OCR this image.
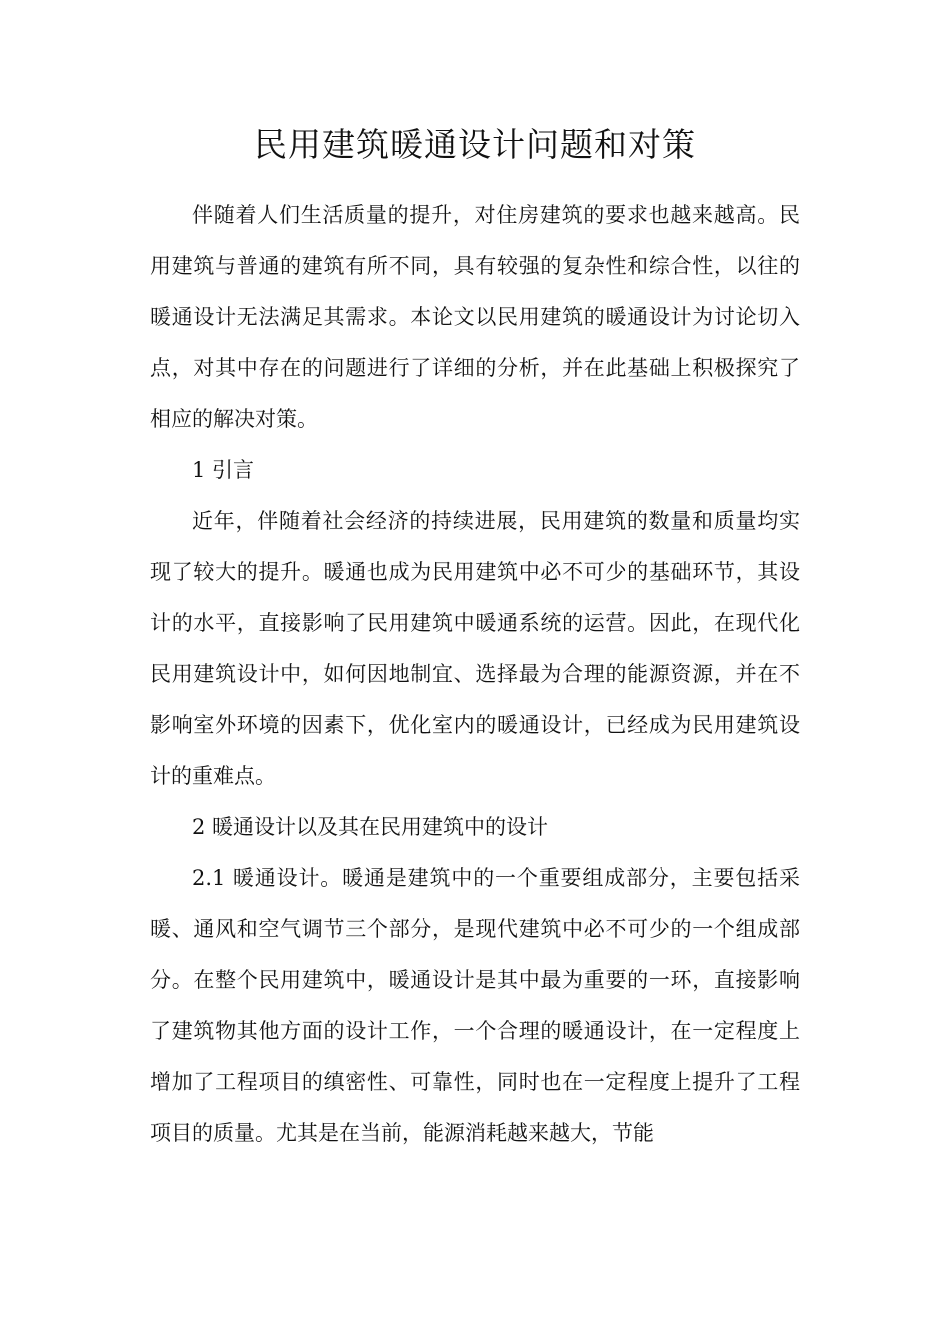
民用建筑暖通设计问题和对策

伴随着人们生活质量的提升，对住房建筑的要求也越来越高。民用建筑与普通的建筑有所不同，具有较强的复杂性和综合性，以往的暖通设计无法满足其需求。本论文以民用建筑的暖通设计为讨论切入点，对其中存在的问题进行了详细的分析，并在此基础上积极探究了相应的解决对策。

1 引言

近年，伴随着社会经济的持续进展，民用建筑的数量和质量均实现了较大的提升。暖通也成为民用建筑中必不可少的基础环节，其设计的水平，直接影响了民用建筑中暖通系统的运营。因此，在现代化民用建筑设计中，如何因地制宜、选择最为合理的能源资源，并在不影响室外环境的因素下，优化室内的暖通设计，已经成为民用建筑设计的重难点。

2 暖通设计以及其在民用建筑中的设计

2.1 暖通设计。暖通是建筑中的一个重要组成部分，主要包括采暖、通风和空气调节三个部分，是现代建筑中必不可少的一个组成部分。在整个民用建筑中，暖通设计是其中最为重要的一环，直接影响了建筑物其他方面的设计工作，一个合理的暖通设计，在一定程度上增加了工程项目的缜密性、可靠性，同时也在一定程度上提升了工程项目的质量。尤其是在当前，能源消耗越来越大，节能
